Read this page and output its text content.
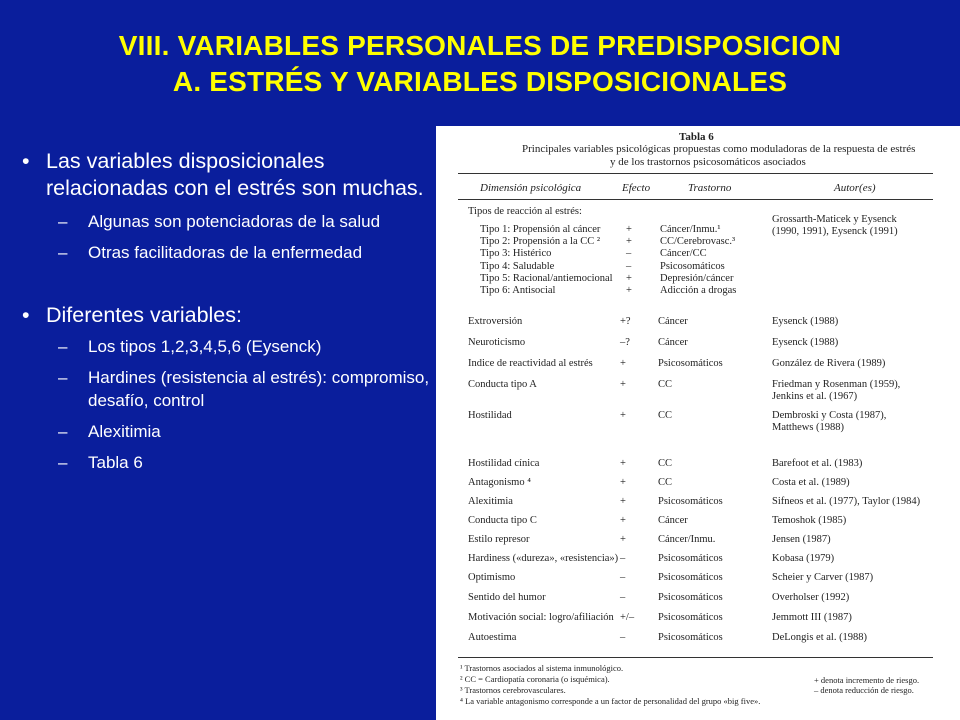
VIII. VARIABLES PERSONALES DE PREDISPOSICION
A. ESTRÉS Y VARIABLES DISPOSICIONALES
• Las variables disposicionales relacionadas con el estrés son muchas.
– Algunas son potenciadoras de la salud
– Otras facilitadoras de la enfermedad
• Diferentes variables:
– Los tipos 1,2,3,4,5,6 (Eysenck)
– Hardines (resistencia al estrés): compromiso, desafío, control
– Alexitimia
– Tabla 6
Tabla 6
Principales variables psicológicas propuestas como moduladoras de la respuesta de estrés
y de los trastornos psicosomáticos asociados
Dimensión psicológica	Efecto	Trastorno	Autor(es)
Tipos de reacción al estrés:
Tipo 1: Propensión al cáncer +	Cáncer/Inmu.¹
Tipo 2: Propensión a la CC ² +	CC/Cerebrovasc.³
Tipo 3: Histérico	–	Cáncer/CC
Tipo 4: Saludable	–	Psicosomáticos
Tipo 5: Racional/antiemocional +	Depresión/cáncer
Tipo 6: Antisocial	+	Adicción a drogas
Grossarth-Maticek y Eysenck (1990, 1991), Eysenck (1991)
Extroversión	+?	Cáncer	Eysenck (1988)
Neuroticismo	–?	Cáncer	Eysenck (1988)
Indice de reactividad al estrés	+	Psicosomáticos	González de Rivera (1989)
Conducta tipo A	+	CC	Friedman y Rosenman (1959),
Jenkins et al. (1967)
Hostilidad	+	CC	Dembroski y Costa (1987),
Matthews (1988)
Hostilidad cínica	+	CC	Barefoot et al. (1983)
Antagonismo ⁴	+	CC	Costa et al. (1989)
Alexitimia	+	Psicosomáticos	Sifneos et al. (1977), Taylor (1984)
Conducta tipo C	+	Cáncer	Temoshok (1985)
Estilo represor	+	Cáncer/Inmu.	Jensen (1987)
Hardiness («dureza», «resistencia») –	Psicosomáticos	Kobasa (1979)
Optimismo	–	Psicosomáticos	Scheier y Carver (1987)
Sentido del humor	–	Psicosomáticos	Overholser (1992)
Motivación social: logro/afiliación +/– Psicosomáticos	Jemmott III (1987)
Autoestima	–	Psicosomáticos	DeLongis et al. (1988)
¹ Trastornos asociados al sistema inmunológico.
² CC = Cardiopatía coronaria (o isquémica).
³ Trastornos cerebrovasculares.
⁴ La variable antagonismo corresponde a un factor de personalidad del grupo «big five».
+ denota incremento de riesgo.
– denota reducción de riesgo.
